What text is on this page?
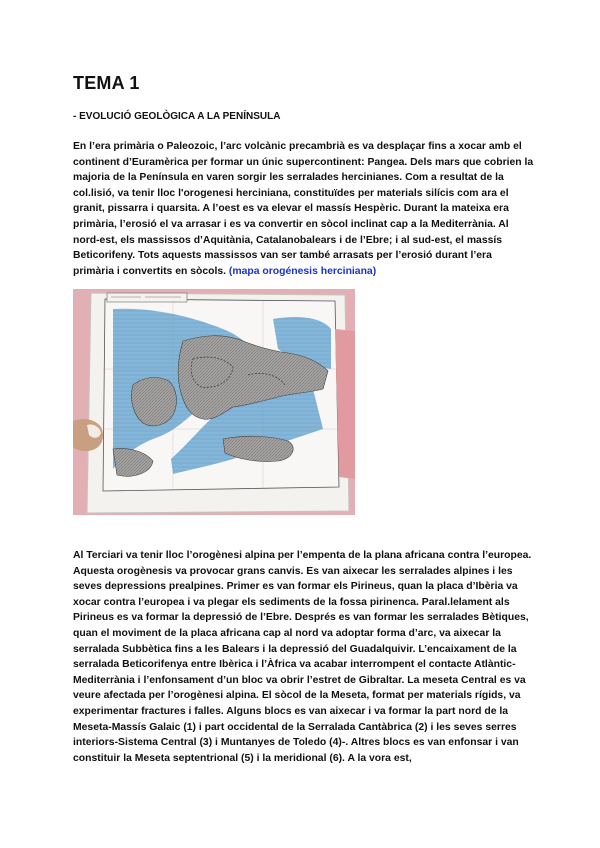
TEMA 1

- EVOLUCIÓ GEOLÒGICA A LA PENÍNSULA

En l’era primària o Paleozoic, l’arc volcànic precambrià es va desplaçar fins a xocar amb el continent d’Euramèrica per formar un únic supercontinent: Pangea. Dels mars que cobrien la majoria de la Península en varen sorgir les serralades hercinianes. Com a resultat de la col.lisió, va tenir lloc l'orogenesi herciniana, constituïdes per materials silícis com ara el granit, pissarra i quarsita. A l’oest es va elevar el massís Hespèric. Durant la mateixa era primària, l’erosió el va arrasar i es va convertir en sòcol inclinat cap a la Mediterrània. Al nord-est, els massissos d’Aquitània, Catalanobalears i de l’Ebre; i al sud-est, el massís Beticorifeny. Tots aquests massissos van ser també arrasats per l’erosió durant l’era primària i convertits en sòcols. (mapa orogénesis herciniana)

Al Terciari va tenir lloc l’orogènesi alpina per l’empenta de la plana africana contra l’europea. Aquesta orogènesis va provocar grans canvis. Es van aixecar les serralades alpines i les seves depressions prealpines. Primer es van formar els Pirineus, quan la placa d’Ibèria va xocar contra l’europea i va plegar els sediments de la fossa pirinenca. Paral.lelament als Pirineus es va formar la depressió de l’Ebre. Després es van formar les serralades Bètiques, quan el moviment de la placa africana cap al nord va adoptar forma d’arc, va aixecar la serralada Subbètica fins a les Balears i la depressió del Guadalquivir. L’encaixament de la serralada Beticorifenya entre Ibèrica i l’Àfrica va acabar interrompent el contacte Atlàntic-Mediterrània i l’enfonsament d’un bloc va obrir l’estret de Gibraltar. La meseta Central es va veure afectada per l’orogènesi alpina. El sòcol de la Meseta, format per materials rígids, va experimentar fractures i falles. Alguns blocs es van aixecar i va formar la part nord de la Meseta-Massís Galaic (1) i part occidental de la Serralada Cantàbrica (2) i les seves serres interiors-Sistema Central (3) i Muntanyes de Toledo (4)-. Altres blocs es van enfonsar i van constituir la Meseta septentrional (5) i la meridional (6). A la vora est,
